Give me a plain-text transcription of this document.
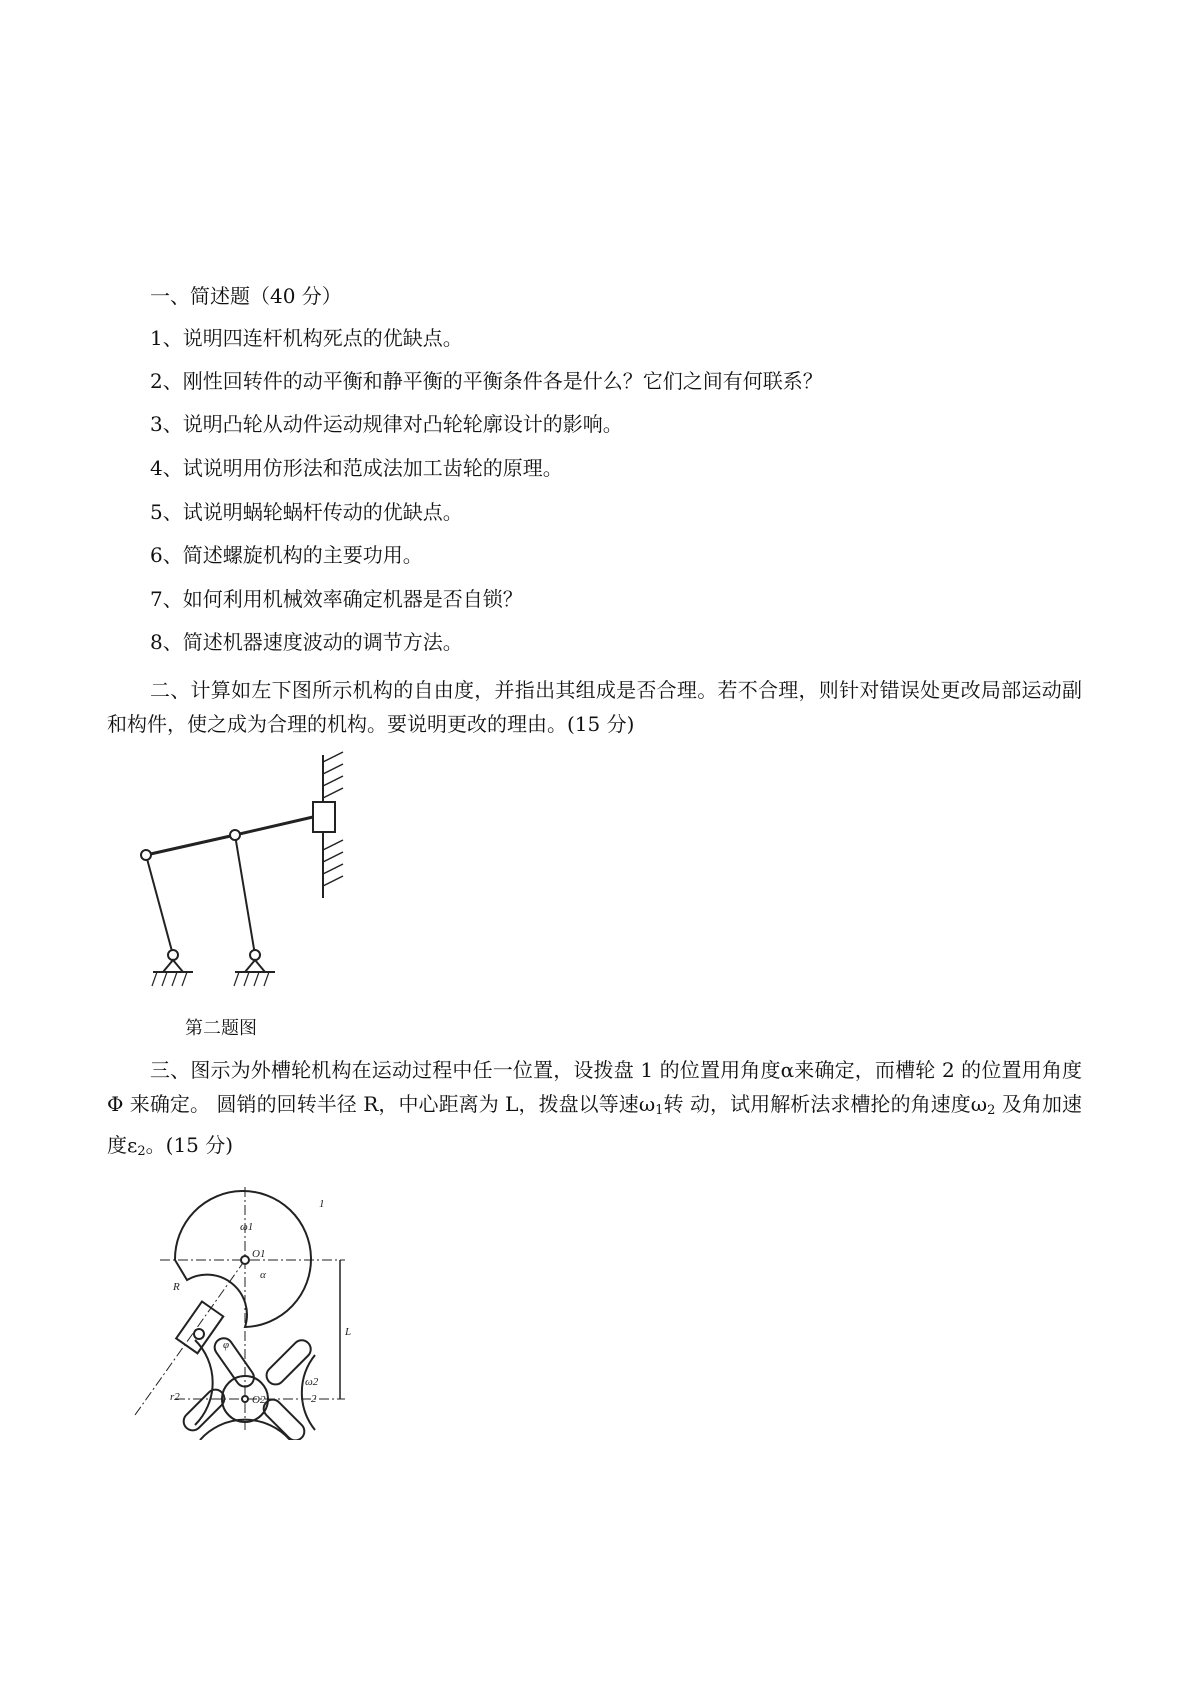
一、简述题（40 分）
1、说明四连杆机构死点的优缺点。
2、刚性回转件的动平衡和静平衡的平衡条件各是什么？它们之间有何联系？
3、说明凸轮从动件运动规律对凸轮轮廓设计的影响。
4、试说明用仿形法和范成法加工齿轮的原理。
5、试说明蜗轮蜗杆传动的优缺点。
6、简述螺旋机构的主要功用。
7、如何利用机械效率确定机器是否自锁？
8、简述机器速度波动的调节方法。
二、计算如左下图所示机构的自由度，并指出其组成是否合理。若不合理，则针对错误处更改局部运动副和构件，使之成为合理的机构。要说明更改的理由。(15 分)
第二题图
三、图示为外槽轮机构在运动过程中任一位置，设拨盘 1 的位置用角度α来确定，而槽轮 2 的位置用角度Φ 来确定。 圆销的回转半径 R，中心距离为 L，拨盘以等速$\omega_1$转 动，试用解析法求槽抡的角速度$\omega_2$ 及角加速度$\varepsilon_2$。(15 分)
1
2
O1
O2
R
L
ω1
ω2
α
φ
r2
